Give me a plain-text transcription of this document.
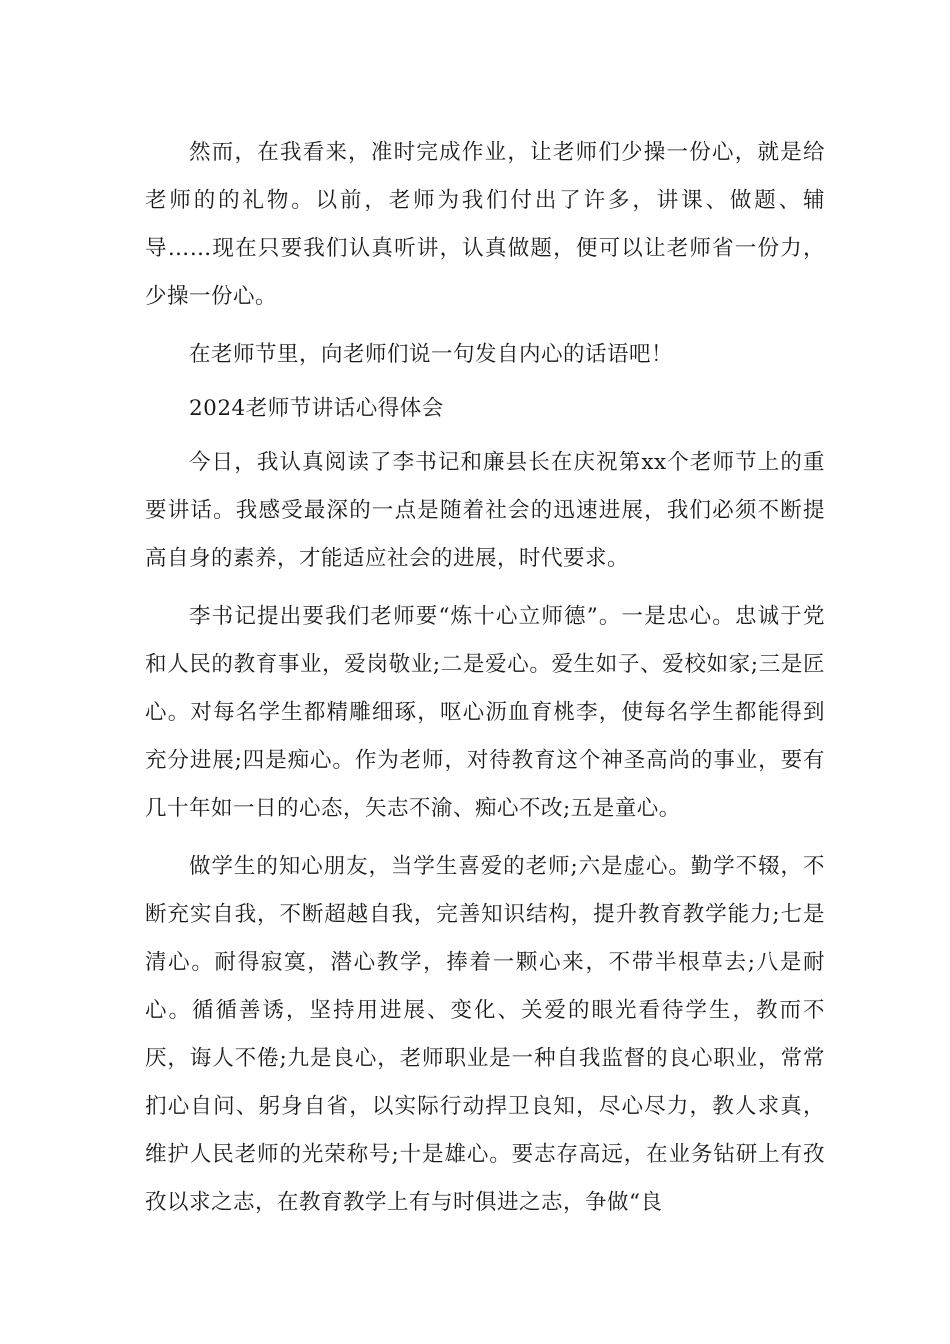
然而，在我看来，准时完成作业，让老师们少操一份心，就是给老师的的礼物。以前，老师为我们付出了许多，讲课、做题、辅导……现在只要我们认真听讲，认真做题，便可以让老师省一份力，少操一份心。

在老师节里，向老师们说一句发自内心的话语吧！

2024老师节讲话心得体会

今日，我认真阅读了李书记和廉县长在庆祝第xx个老师节上的重要讲话。我感受最深的一点是随着社会的迅速进展，我们必须不断提高自身的素养，才能适应社会的进展，时代要求。

李书记提出要我们老师要“炼十心立师德”。一是忠心。忠诚于党和人民的教育事业，爱岗敬业;二是爱心。爱生如子、爱校如家;三是匠心。对每名学生都精雕细琢，呕心沥血育桃李，使每名学生都能得到充分进展;四是痴心。作为老师，对待教育这个神圣高尚的事业，要有几十年如一日的心态，矢志不渝、痴心不改;五是童心。

做学生的知心朋友，当学生喜爱的老师;六是虚心。勤学不辍，不断充实自我，不断超越自我，完善知识结构，提升教育教学能力;七是清心。耐得寂寞，潜心教学，捧着一颗心来，不带半根草去;八是耐心。循循善诱，坚持用进展、变化、关爱的眼光看待学生，教而不厌，诲人不倦;九是良心，老师职业是一种自我监督的良心职业，常常扪心自问、躬身自省，以实际行动捍卫良知，尽心尽力，教人求真，维护人民老师的光荣称号;十是雄心。要志存高远，在业务钻研上有孜孜以求之志，在教育教学上有与时俱进之志，争做“良
